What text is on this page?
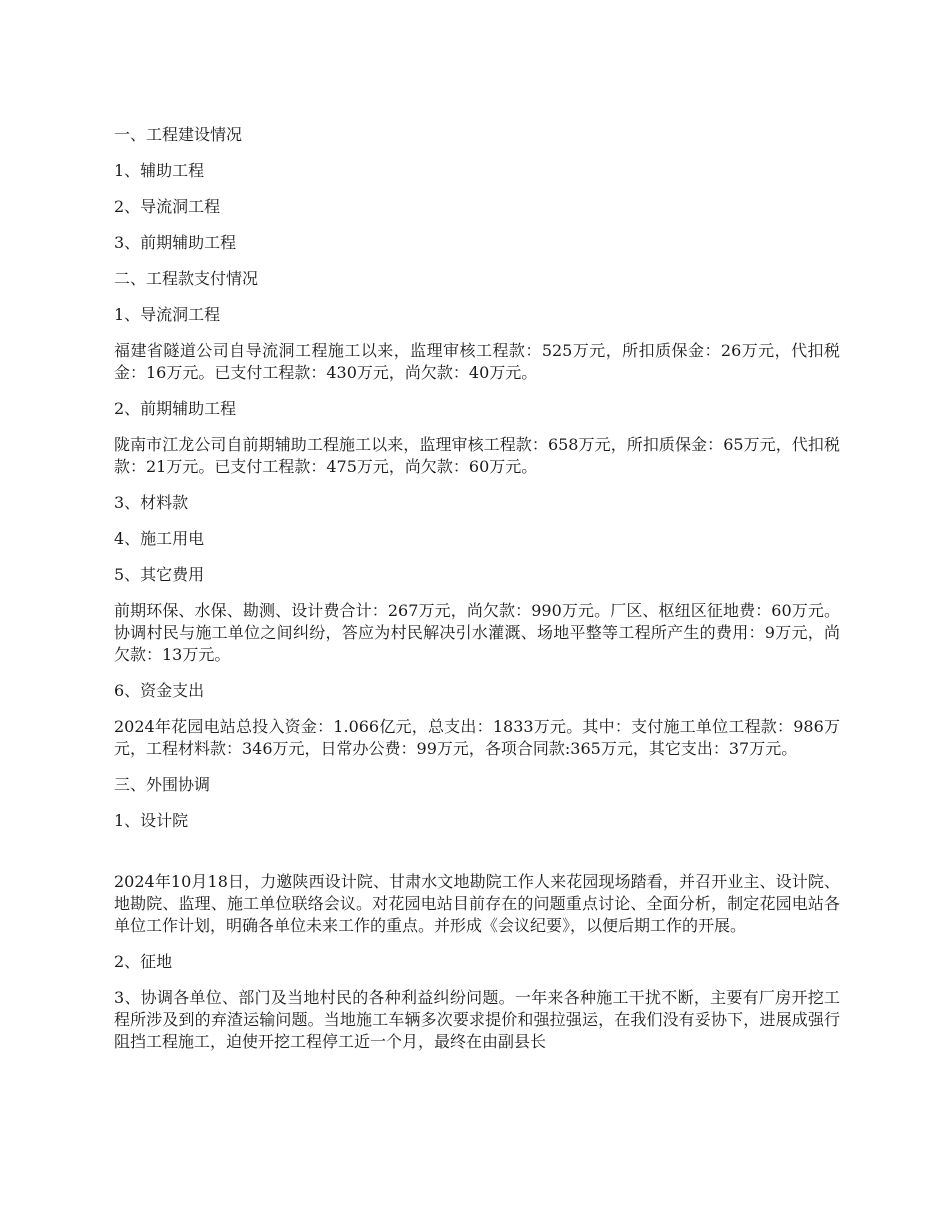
一、工程建设情况

1、辅助工程

2、导流洞工程

3、前期辅助工程

二、工程款支付情况

1、导流洞工程

福建省隧道公司自导流洞工程施工以来，监理审核工程款：525万元，所扣质保金：26万元，代扣税金：16万元。已支付工程款：430万元，尚欠款：40万元。

2、前期辅助工程

陇南市江龙公司自前期辅助工程施工以来，监理审核工程款：658万元，所扣质保金：65万元，代扣税款：21万元。已支付工程款：475万元，尚欠款：60万元。

3、材料款

4、施工用电

5、其它费用

前期环保、水保、勘测、设计费合计：267万元，尚欠款：990万元。厂区、枢纽区征地费：60万元。协调村民与施工单位之间纠纷，答应为村民解决引水灌溉、场地平整等工程所产生的费用：9万元，尚欠款：13万元。

6、资金支出

2024年花园电站总投入资金：1.066亿元，总支出：1833万元。其中：支付施工单位工程款：986万元，工程材料款：346万元，日常办公费：99万元，各项合同款:365万元，其它支出：37万元。

三、外围协调

1、设计院

2024年10月18日，力邀陕西设计院、甘肃水文地勘院工作人来花园现场踏看，并召开业主、设计院、地勘院、监理、施工单位联络会议。对花园电站目前存在的问题重点讨论、全面分析，制定花园电站各单位工作计划，明确各单位未来工作的重点。并形成《会议纪要》，以便后期工作的开展。

2、征地

3、协调各单位、部门及当地村民的各种利益纠纷问题。一年来各种施工干扰不断，主要有厂房开挖工程所涉及到的弃渣运输问题。当地施工车辆多次要求提价和强拉强运，在我们没有妥协下，进展成强行阻挡工程施工，迫使开挖工程停工近一个月，最终在由副县长
